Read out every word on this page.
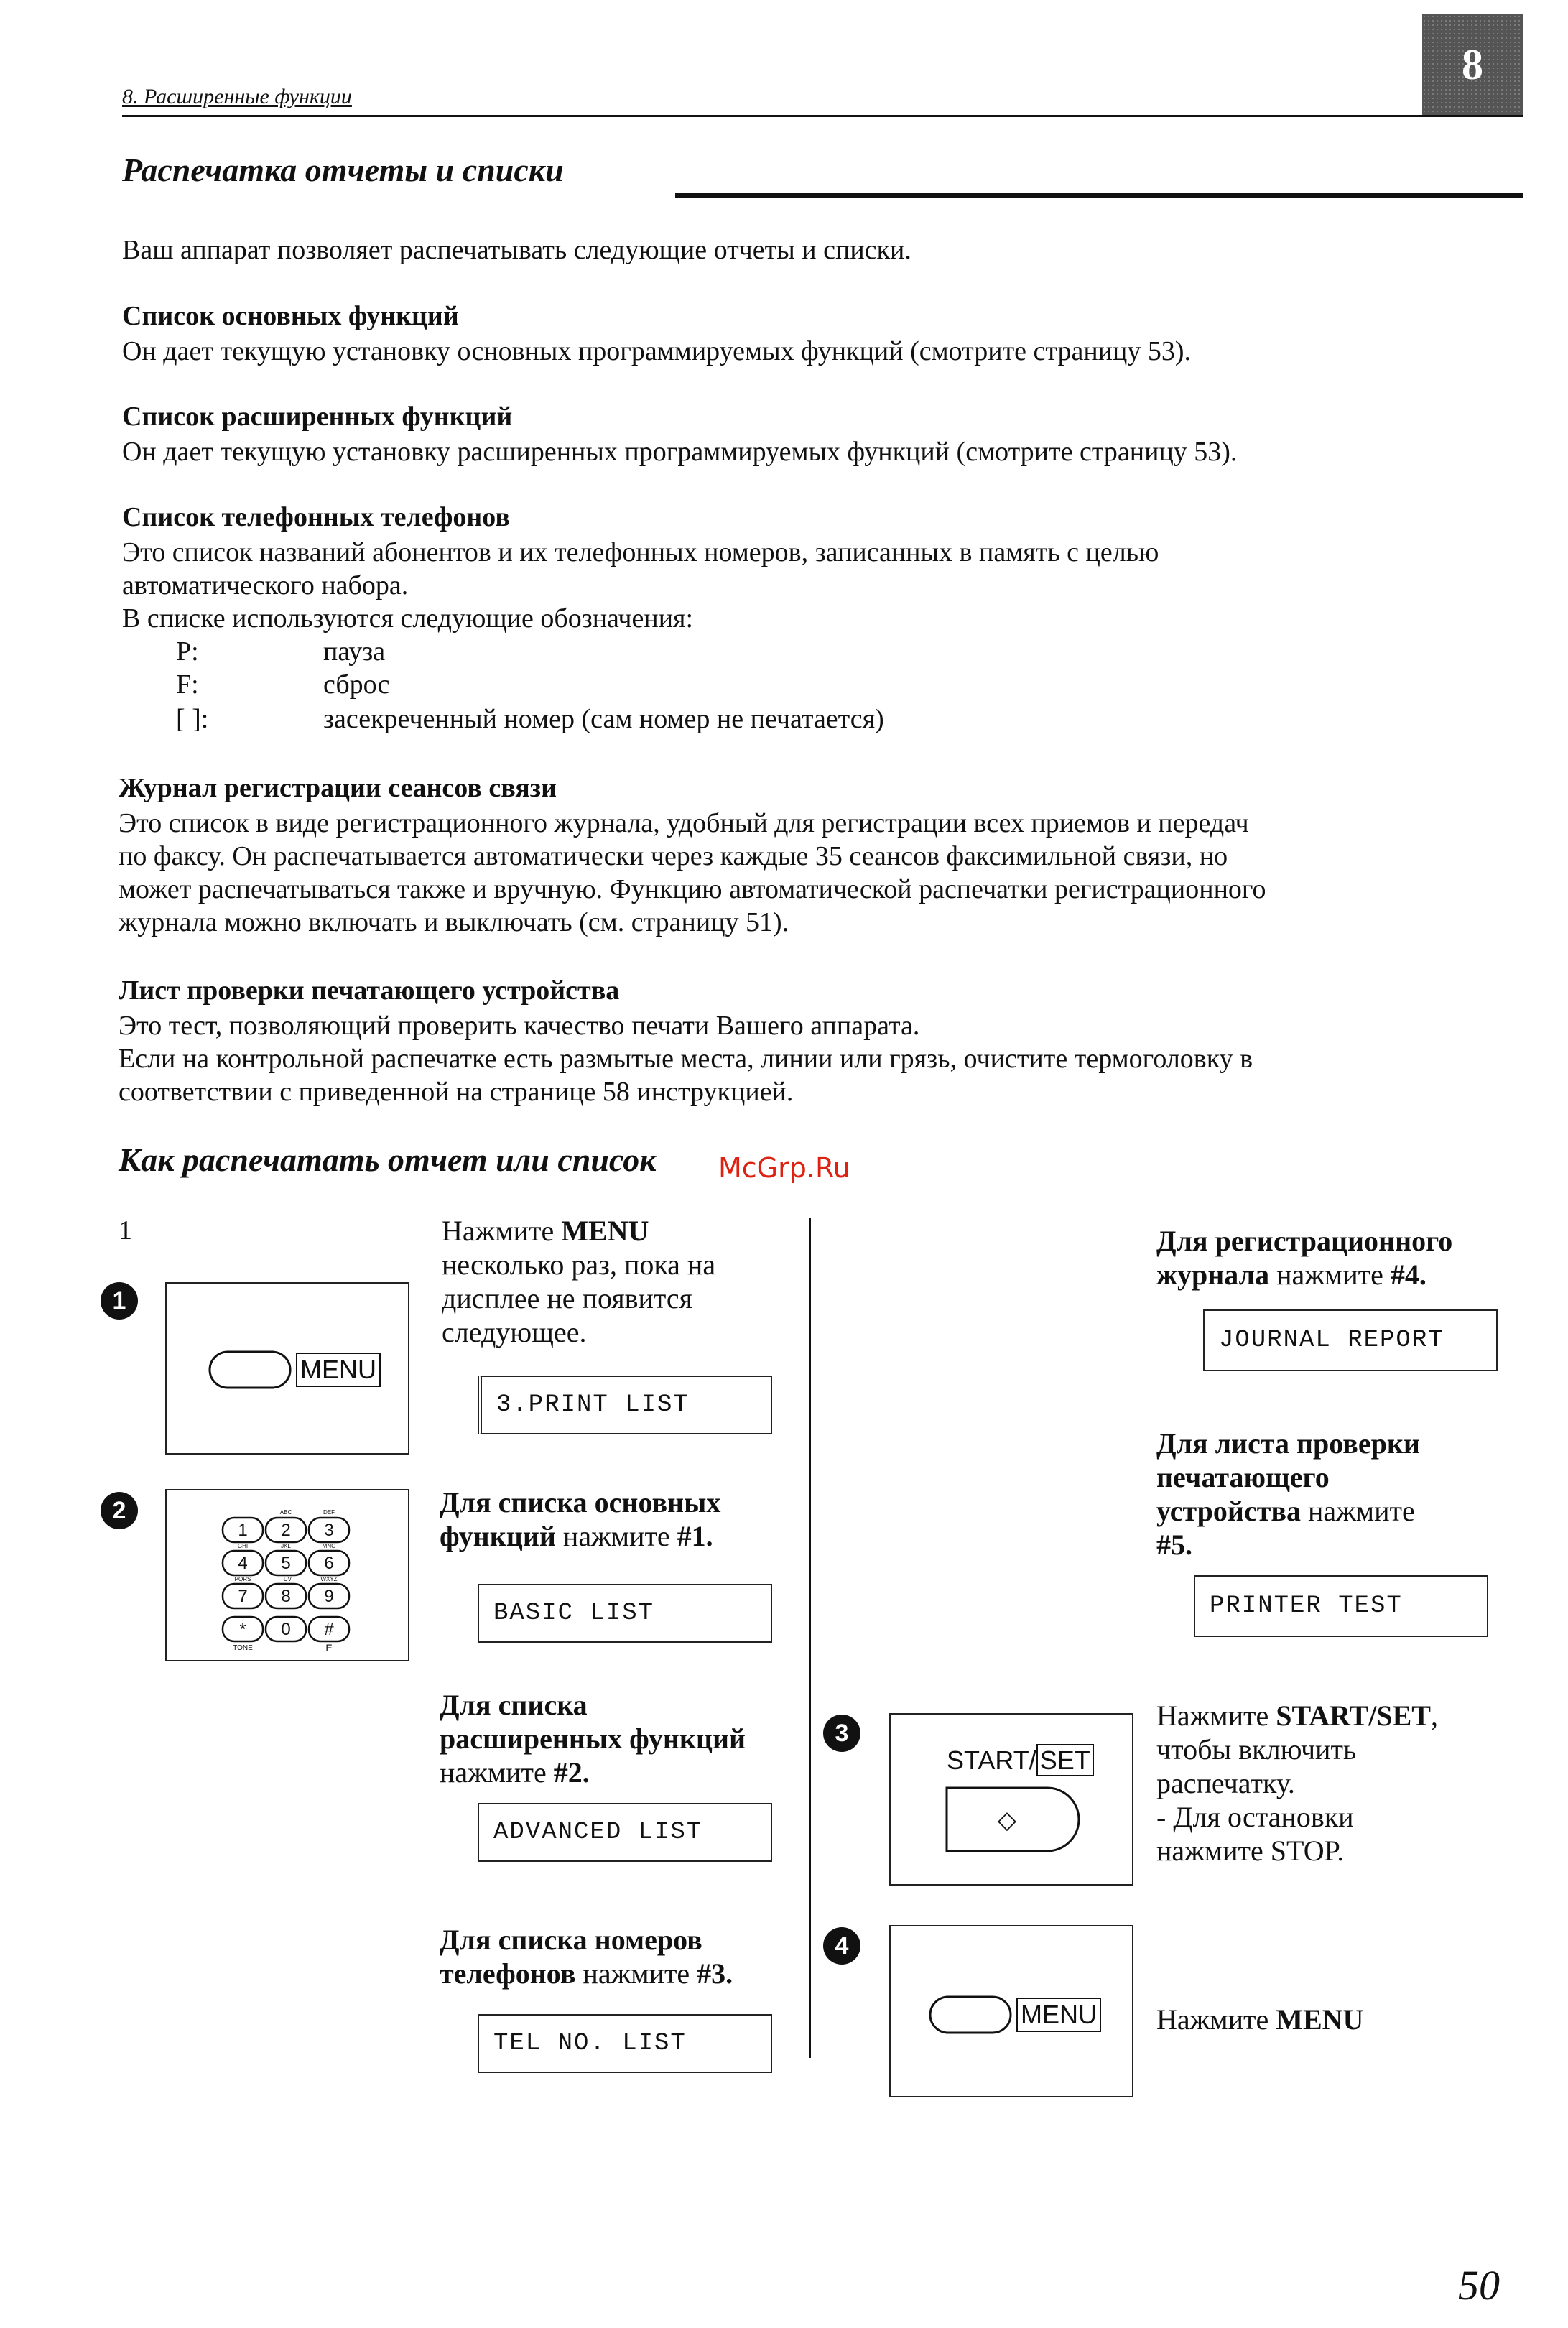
8. Расширенные функции
8
Распечатка отчеты и списки
Ваш аппарат позволяет распечатывать следующие отчеты и списки.
Список основных функций
Он дает текущую установку основных программируемых функций (смотрите страницу 53).
Список расширенных функций
Он дает текущую установку расширенных программируемых функций (смотрите страницу 53).
Список телефонных телефонов
Это список названий абонентов и их телефонных номеров, записанных в память с целью
автоматического набора.
В списке используются следующие обозначения:
P:	пауза
F:	сброс
[ ]:	засекреченный номер (сам номер не печатается)
Журнал регистрации сеансов связи
Это список в виде регистрационного журнала, удобный для регистрации всех приемов и передач
по факсу. Он распечатывается автоматически через каждые 35 сеансов факсимильной связи, но
может распечатываться также и вручную. Функцию автоматической распечатки регистрационного
журнала можно включать и выключать (см. страницу 51).
Лист проверки печатающего устройства
Это тест, позволяющий проверить качество печати Вашего аппарата.
Если на контрольной распечатке есть размытые места, линии или грязь, очистите термоголовку в
соответствии с приведенной на странице 58 инструкцией.
Как распечатать отчет или список McGrp.Ru
1
1
MENU
Нажмите MENU
несколько раз, пока на
дисплее не появится
следующее.
3.PRINT LIST
2
1 2 3
4 5 6
7 8 9
* 0 #
ABC	DEF
GHI	JKL	MNO
PQRS	TUV	WXYZ
TONE	E
Для списка основных
функций нажмите #1.
BASIC LIST
Для списка
расширенных функций
нажмите #2.
ADVANCED LIST
Для списка номеров
телефонов нажмите #3.
TEL NO. LIST
Для регистрационного
журнала нажмите #4.
JOURNAL REPORT
Для листа проверки
печатающего
устройства нажмите
#5.
PRINTER TEST
3
START/ SET
◇
Нажмите START/SET,
чтобы включить
распечатку.
- Для остановки
нажмите STOP.
4
MENU Нажмите MENU
50
